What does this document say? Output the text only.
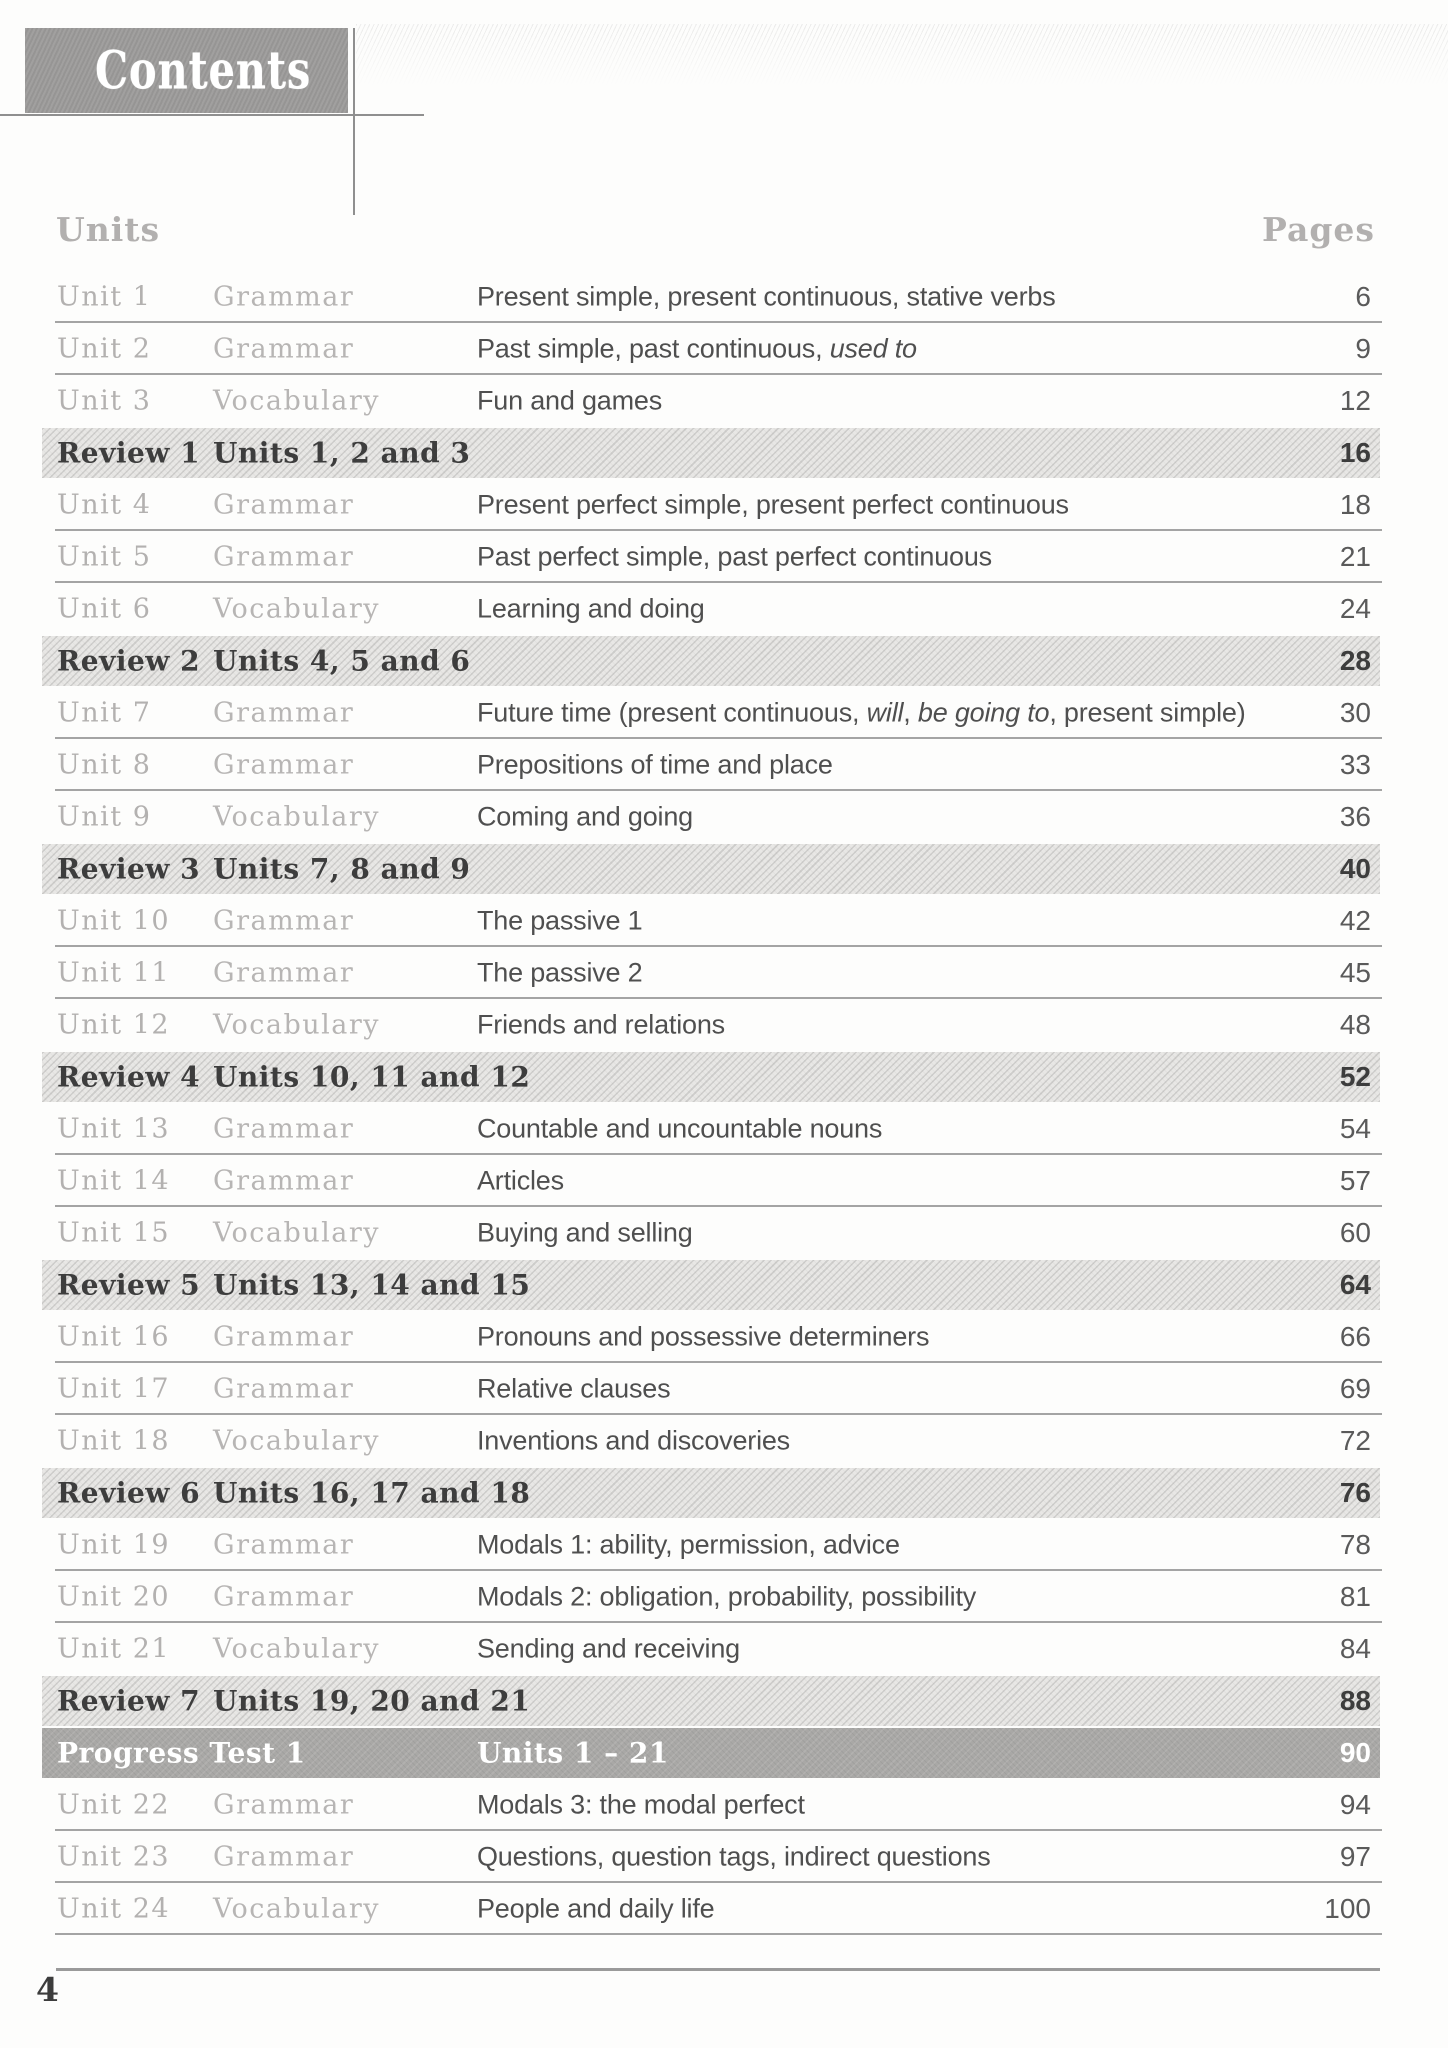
Contents
Units	Pages
Unit 1 Grammar	Present simple, present continuous, stative verbs	6
Unit 2 Grammar	Past simple, past continuous, used to	9
Unit 3 Vocabulary	Fun and games	12
Review 1 Units 1, 2 and 3	16
Unit 4 Grammar	Present perfect simple, present perfect continuous	18
Unit 5 Grammar	Past perfect simple, past perfect continuous	21
Unit 6 Vocabulary	Learning and doing	24
Review 2 Units 4, 5 and 6	28
Unit 7 Grammar	Future time (present continuous, will, be going to, present simple)	30
Unit 8 Grammar	Prepositions of time and place	33
Unit 9 Vocabulary	Coming and going	36
Review 3 Units 7, 8 and 9	40
Unit 10 Grammar	The passive 1	42
Unit 11 Grammar	The passive 2	45
Unit 12 Vocabulary	Friends and relations	48
Review 4 Units 10, 11 and 12	52
Unit 13 Grammar	Countable and uncountable nouns	54
Unit 14 Grammar	Articles	57
Unit 15 Vocabulary	Buying and selling	60
Review 5 Units 13, 14 and 15	64
Unit 16 Grammar	Pronouns and possessive determiners	66
Unit 17 Grammar	Relative clauses	69
Unit 18 Vocabulary	Inventions and discoveries	72
Review 6 Units 16, 17 and 18	76
Unit 19 Grammar	Modals 1: ability, permission, advice	78
Unit 20 Grammar	Modals 2: obligation, probability, possibility	81
Unit 21 Vocabulary	Sending and receiving	84
Review 7 Units 19, 20 and 21	88
Progress Test 1	Units 1 – 21	90
Unit 22 Grammar	Modals 3: the modal perfect	94
Unit 23 Grammar	Questions, question tags, indirect questions	97
Unit 24 Vocabulary	People and daily life	100
4
